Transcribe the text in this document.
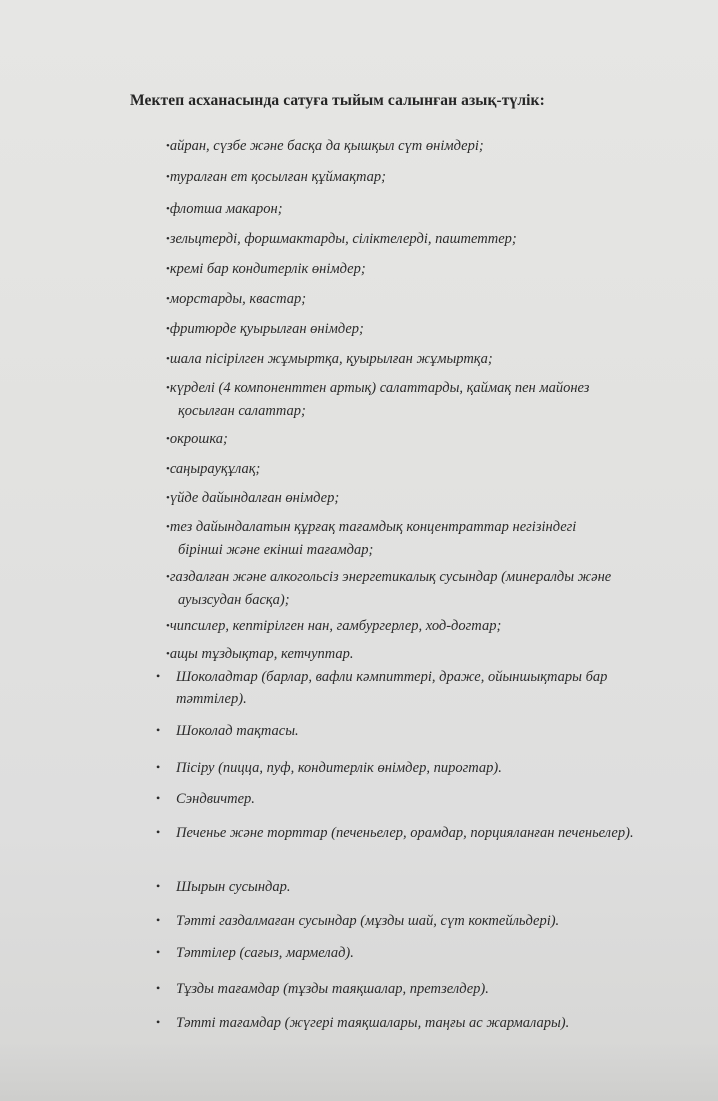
Мектеп асханасында сатуға тыйым салынған азық-түлік:
•айран, сүзбе және басқа да қышқыл сүт өнімдері;
•туралған ет қосылған құймақтар;
•флотша макарон;
•зельцтерді, форшмактарды, сіліктелерді, паштеттер;
•кремі бар кондитерлік өнімдер;
•морстарды, квастар;
•фритюрде қуырылған өнімдер;
•шала пісірілген жұмыртқа, қуырылған жұмыртқа;
•күрделі (4 компоненттен артық) салаттарды, қаймақ пен майонез
қосылған салаттар;
•окрошка;
•саңырауқұлақ;
•үйде дайындалған өнімдер;
•тез дайындалатын құрғақ тағамдық концентраттар негізіндегі
бірінші және екінші тағамдар;
•газдалған және алкогольсіз энергетикалық сусындар (минералды және
ауызсудан басқа);
•чипсилер, кептірілген нан, гамбургерлер, ход-догтар;
•ащы тұздықтар, кетчуптар.
• Шоколадтар (барлар, вафли кәмпиттері, драже, ойыншықтары бар тәттілер).
• Шоколад тақтасы.
• Пісіру (пицца, пуф, кондитерлік өнімдер, пирогтар).
• Сэндвичтер.
• Печенье және торттар (печеньелер, орамдар, порцияланған печеньелер).
• Шырын сусындар.
• Тәтті газдалмаған сусындар (мұзды шай, сүт коктейльдері).
• Тәттілер (сағыз, мармелад).
• Тұзды тағамдар (тұзды таяқшалар, претзелдер).
• Тәтті тағамдар (жүгері таяқшалары, таңғы ас жармалары).
